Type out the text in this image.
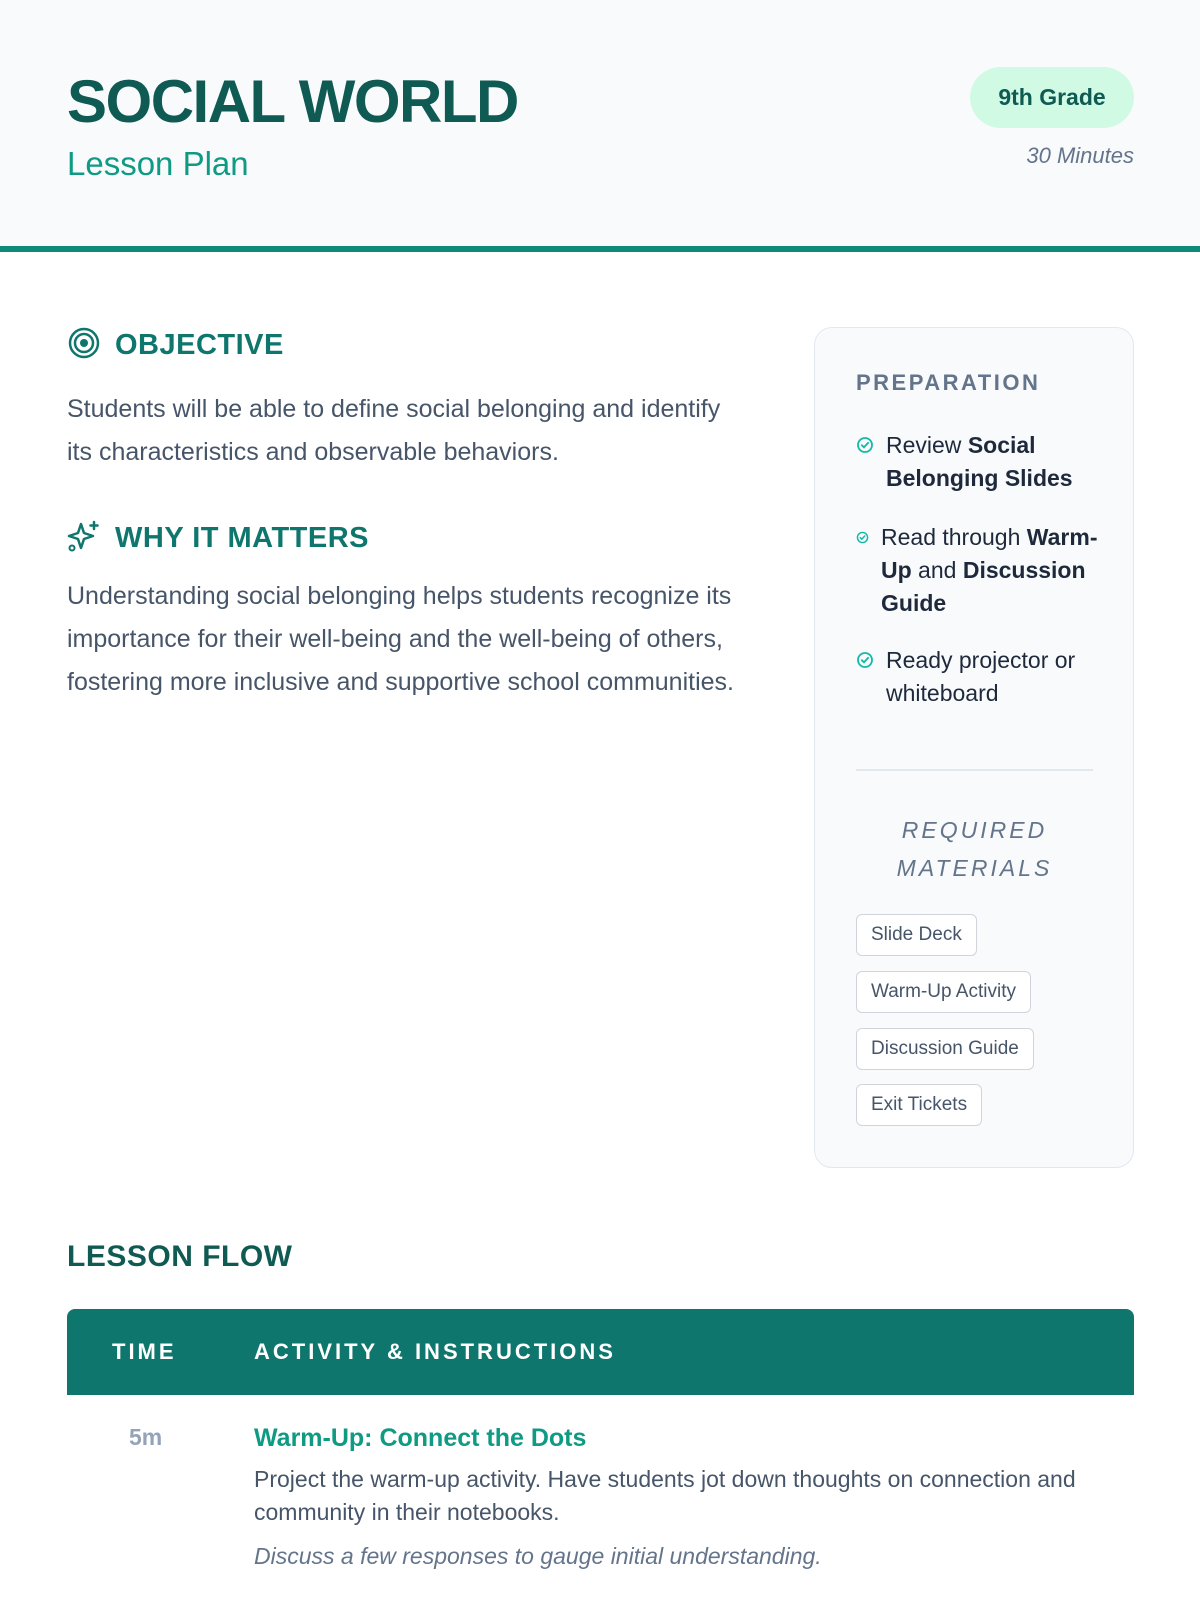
SOCIAL WORLD
Lesson Plan
9th Grade
30 Minutes
OBJECTIVE
Students will be able to define social belonging and identify its characteristics and observable behaviors.
WHY IT MATTERS
Understanding social belonging helps students recognize its importance for their well-being and the well-being of others, fostering more inclusive and supportive school communities.
PREPARATION
Review Social Belonging Slides
Read through Warm-Up and Discussion Guide
Ready projector or whiteboard
REQUIRED MATERIALS
Slide Deck
Warm-Up Activity
Discussion Guide
Exit Tickets
LESSON FLOW
TIME	ACTIVITY & INSTRUCTIONS
5m	Warm-Up: Connect the Dots
Project the warm-up activity. Have students jot down thoughts on connection and community in their notebooks.
Discuss a few responses to gauge initial understanding.
